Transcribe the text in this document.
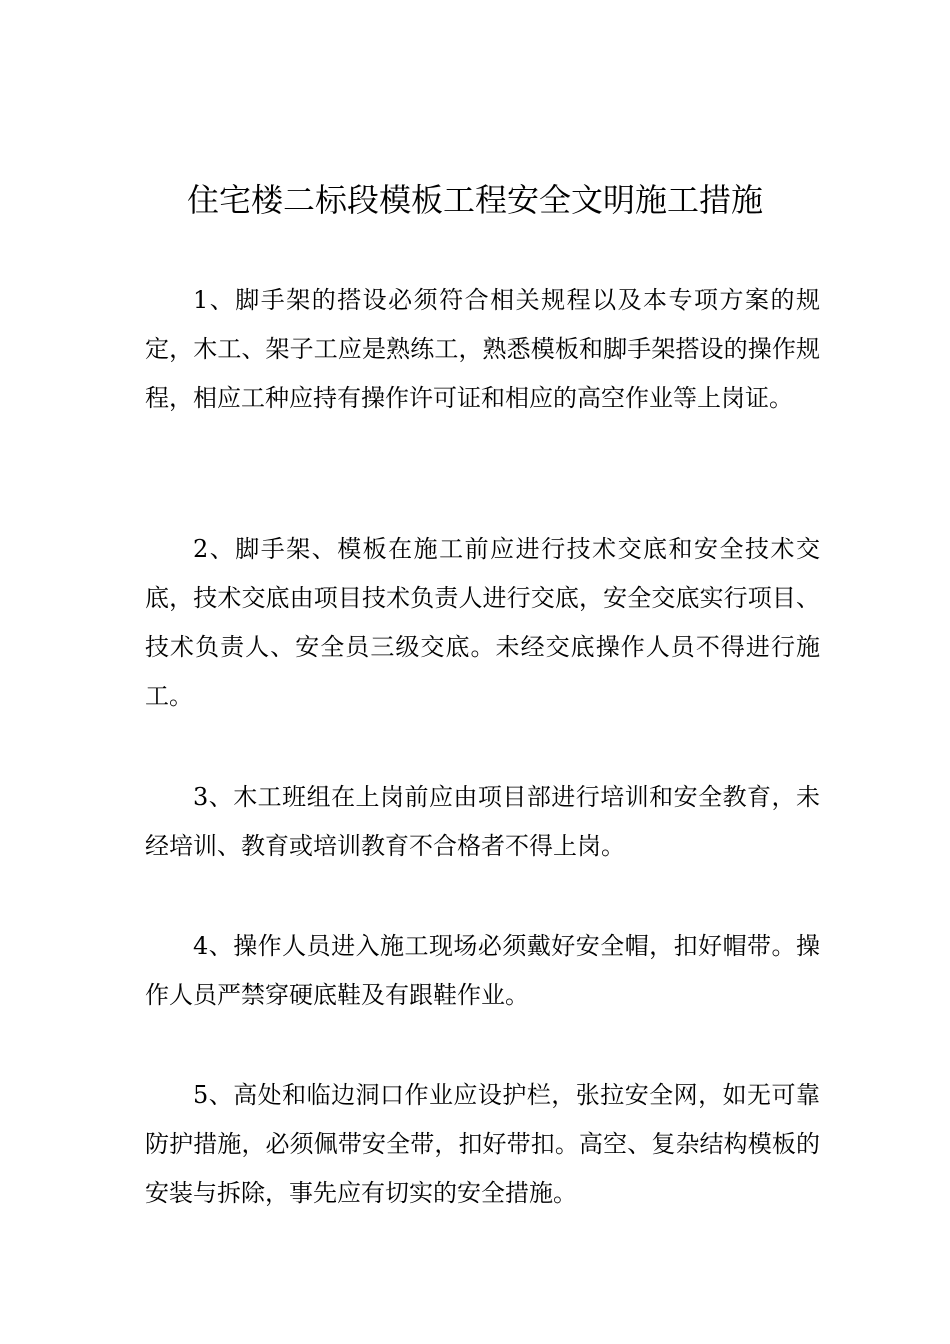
住宅楼二标段模板工程安全文明施工措施

1、脚手架的搭设必须符合相关规程以及本专项方案的规定，木工、架子工应是熟练工，熟悉模板和脚手架搭设的操作规程，相应工种应持有操作许可证和相应的高空作业等上岗证。

2、脚手架、模板在施工前应进行技术交底和安全技术交底，技术交底由项目技术负责人进行交底，安全交底实行项目、技术负责人、安全员三级交底。未经交底操作人员不得进行施工。

3、木工班组在上岗前应由项目部进行培训和安全教育，未经培训、教育或培训教育不合格者不得上岗。

4、操作人员进入施工现场必须戴好安全帽，扣好帽带。操作人员严禁穿硬底鞋及有跟鞋作业。

5、高处和临边洞口作业应设护栏，张拉安全网，如无可靠防护措施，必须佩带安全带，扣好带扣。高空、复杂结构模板的安装与拆除，事先应有切实的安全措施。
